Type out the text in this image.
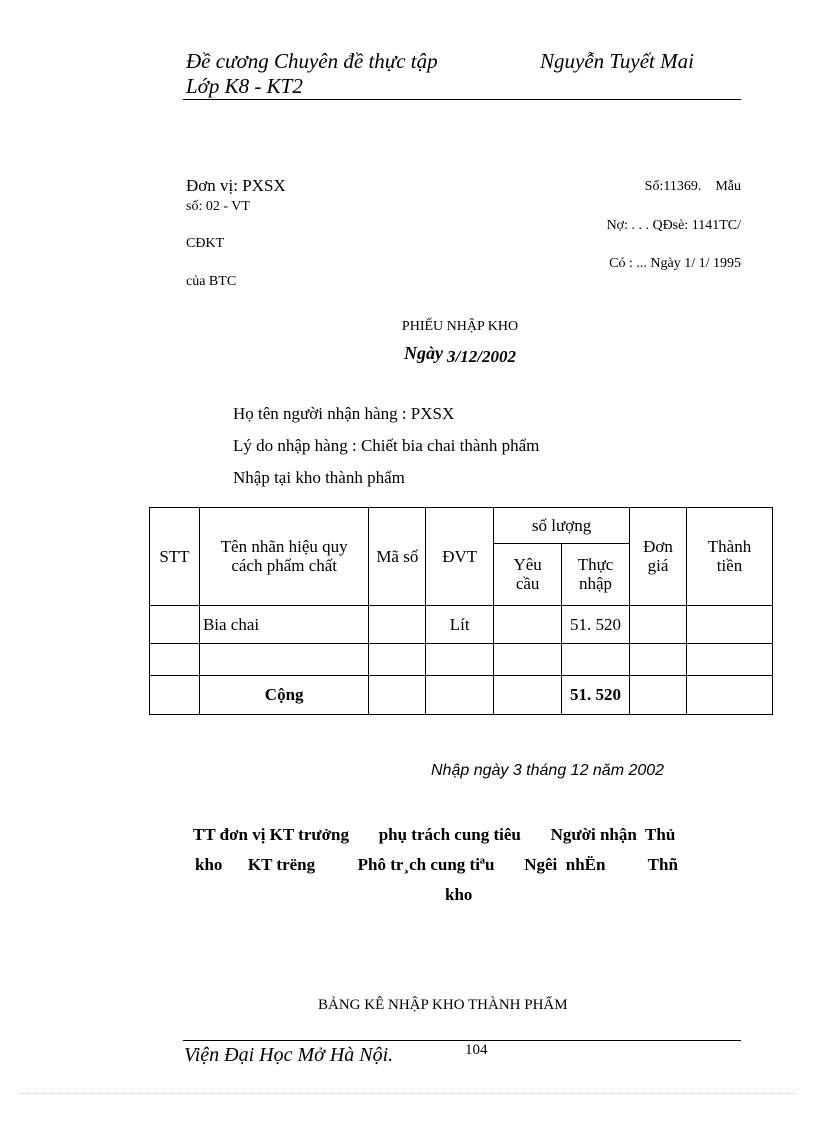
Đề cương Chuyên đề thực tập	Nguyễn Tuyết Mai
Lớp K8 - KT2
Đơn vị: PXSX
số: 02 - VT
CĐKT
của BTC
Số:11369.    Mẫu
Nợ: . . . QĐsè: 1141TC/
Có : ... Ngày 1/ 1/ 1995
PHIẾU NHẬP KHO
Ngày 3/12/2002
Họ tên người nhận hàng : PXSX
Lý do nhập hàng : Chiết bia chai thành phẩm
Nhập tại kho thành phẩm
STT	Tên nhãn hiệu quy cách phẩm chất	Mã số	ĐVT	số lượng		Đơn giá	Thành tiền
				Yêu cầu	Thực nhập		
	Bia chai		Lít		51. 520		

	Cộng				51. 520		
Nhập ngày 3 tháng 12 năm 2002
TT đơn vị KT trưởng       phụ trách cung tiêu       Người nhận  Thủ
kho      KT trëng          Phô tr¸ch cung tiªu       Ngêi  nhËn          Thñ
kho
BẢNG KÊ NHẬP KHO THÀNH PHẨM
Viện Đại Học Mở Hà Nội.	104
